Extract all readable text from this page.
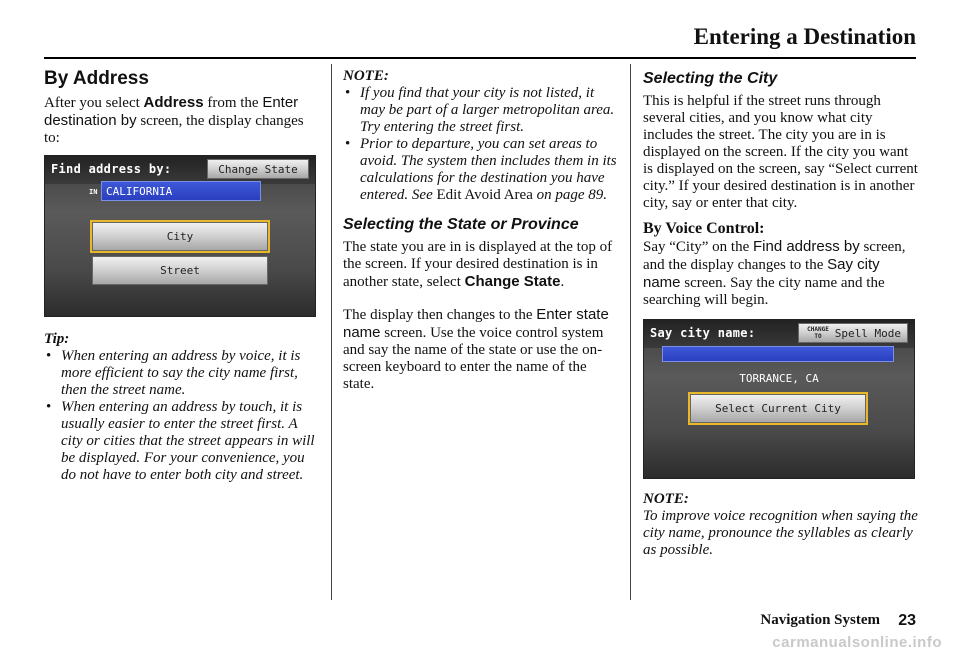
Entering a Destination
By Address

After you select Address from the Enter destination by screen, the display changes to:

Find address by:	Change State
IN CALIFORNIA
City
Street

Tip:

• When entering an address by voice, it is more efficient to say the city name first, then the street name.
• When entering an address by touch, it is usually easier to enter the street first. A city or cities that the street appears in will be displayed. For your convenience, you do not have to enter both city and street.

NOTE:

• If you find that your city is not listed, it may be part of a larger metropolitan area. Try entering the street first.
• Prior to departure, you can set areas to avoid. The system then includes them in its calculations for the destination you have entered. See Edit Avoid Area on page 89.
Selecting the State or Province

The state you are in is displayed at the top of the screen. If your desired destination is in another state, select Change State.

The display then changes to the Enter state name screen. Use the voice control system and say the name of the state or use the on-screen keyboard to enter the name of the state.

Selecting the City

This is helpful if the street runs through several cities, and you know what city includes the street. The city you are in is displayed on the screen. If the city you want is displayed on the screen, say “Select current city.” If your desired destination is in another city, say or enter that city.

By Voice Control:

Say “City” on the Find address by screen, and the display changes to the Say city name screen. Say the city name and the searching will begin.

Say city name:	CHANGE TO	Spell Mode
TORRANCE, CA
Select Current City

NOTE:

To improve voice recognition when saying the city name, pronounce the syllables as clearly as possible.

Navigation System 23
carmanualsonline.info
